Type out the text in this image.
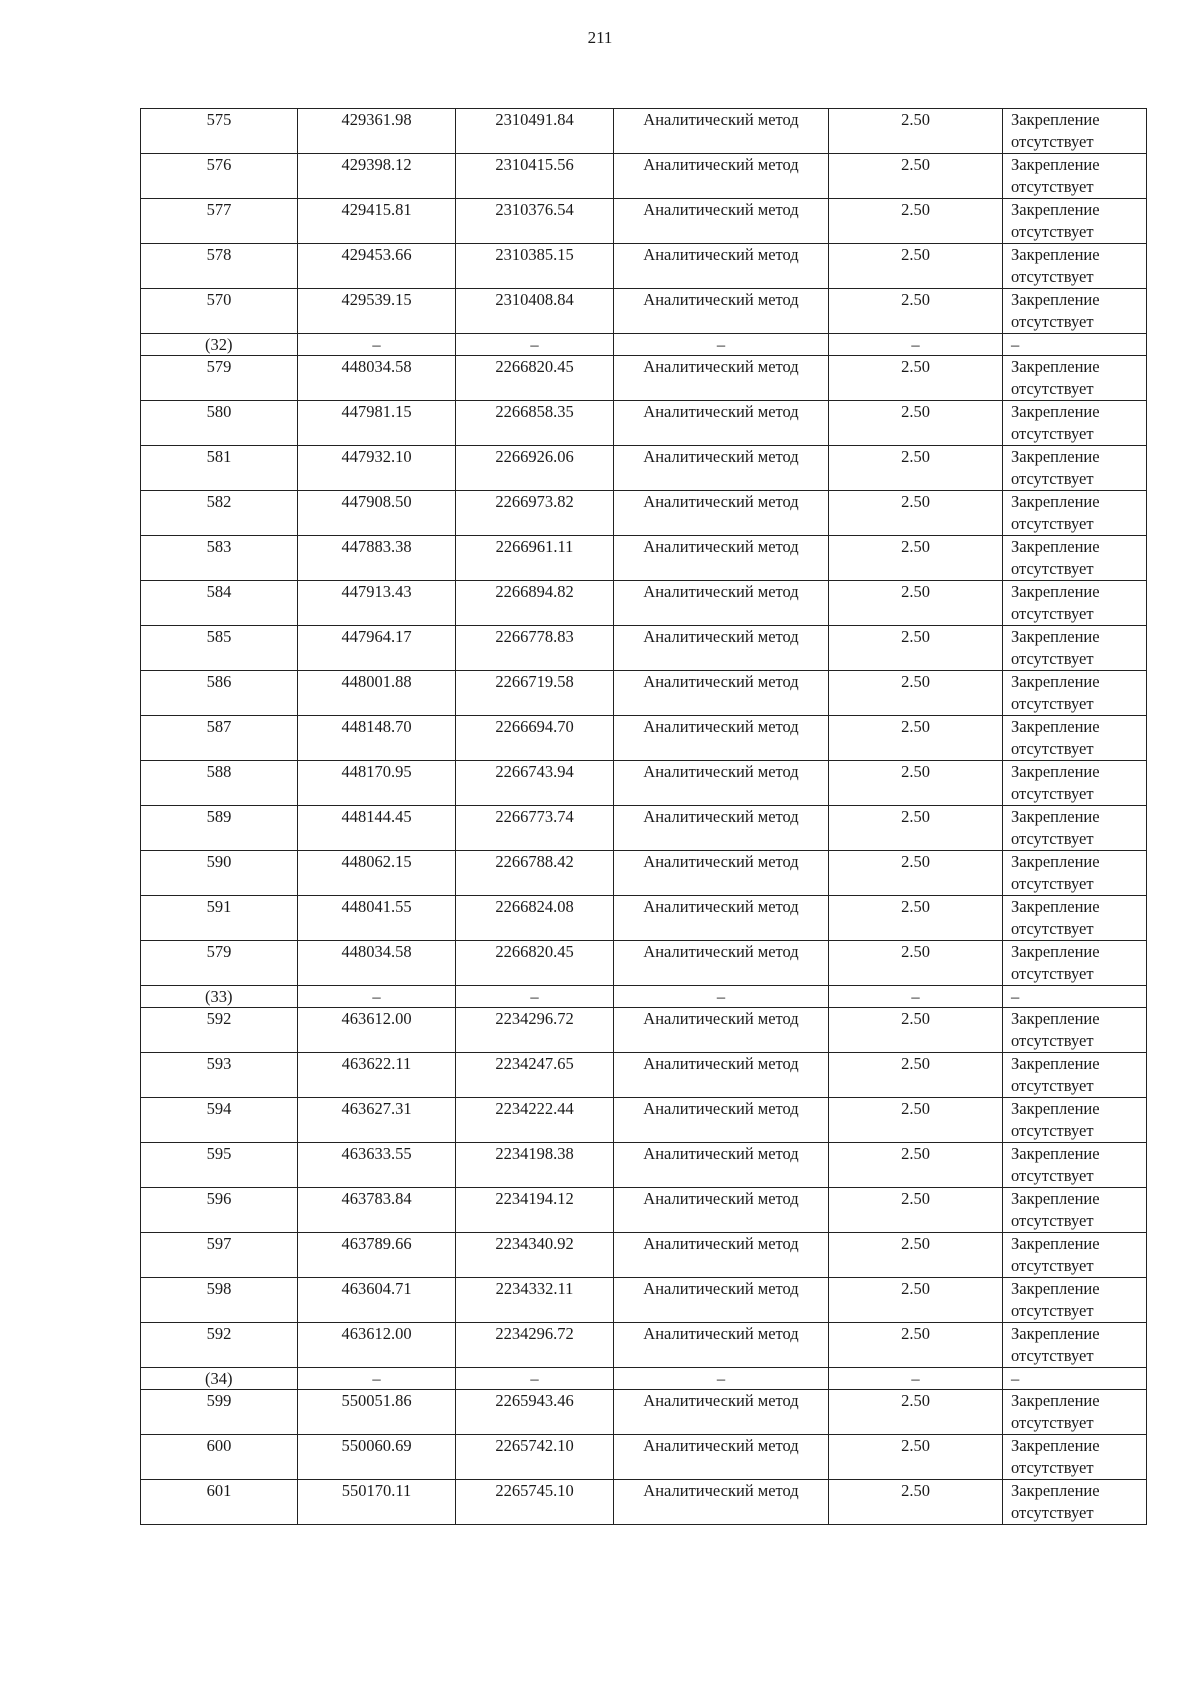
211
575	429361.98	2310491.84	Аналитический метод	2.50	Закрепление отсутствует
576	429398.12	2310415.56	Аналитический метод	2.50	Закрепление отсутствует
577	429415.81	2310376.54	Аналитический метод	2.50	Закрепление отсутствует
578	429453.66	2310385.15	Аналитический метод	2.50	Закрепление отсутствует
570	429539.15	2310408.84	Аналитический метод	2.50	Закрепление отсутствует
(32)	–	–	–	–	–
579	448034.58	2266820.45	Аналитический метод	2.50	Закрепление отсутствует
580	447981.15	2266858.35	Аналитический метод	2.50	Закрепление отсутствует
581	447932.10	2266926.06	Аналитический метод	2.50	Закрепление отсутствует
582	447908.50	2266973.82	Аналитический метод	2.50	Закрепление отсутствует
583	447883.38	2266961.11	Аналитический метод	2.50	Закрепление отсутствует
584	447913.43	2266894.82	Аналитический метод	2.50	Закрепление отсутствует
585	447964.17	2266778.83	Аналитический метод	2.50	Закрепление отсутствует
586	448001.88	2266719.58	Аналитический метод	2.50	Закрепление отсутствует
587	448148.70	2266694.70	Аналитический метод	2.50	Закрепление отсутствует
588	448170.95	2266743.94	Аналитический метод	2.50	Закрепление отсутствует
589	448144.45	2266773.74	Аналитический метод	2.50	Закрепление отсутствует
590	448062.15	2266788.42	Аналитический метод	2.50	Закрепление отсутствует
591	448041.55	2266824.08	Аналитический метод	2.50	Закрепление отсутствует
579	448034.58	2266820.45	Аналитический метод	2.50	Закрепление отсутствует
(33)	–	–	–	–	–
592	463612.00	2234296.72	Аналитический метод	2.50	Закрепление отсутствует
593	463622.11	2234247.65	Аналитический метод	2.50	Закрепление отсутствует
594	463627.31	2234222.44	Аналитический метод	2.50	Закрепление отсутствует
595	463633.55	2234198.38	Аналитический метод	2.50	Закрепление отсутствует
596	463783.84	2234194.12	Аналитический метод	2.50	Закрепление отсутствует
597	463789.66	2234340.92	Аналитический метод	2.50	Закрепление отсутствует
598	463604.71	2234332.11	Аналитический метод	2.50	Закрепление отсутствует
592	463612.00	2234296.72	Аналитический метод	2.50	Закрепление отсутствует
(34)	–	–	–	–	–
599	550051.86	2265943.46	Аналитический метод	2.50	Закрепление отсутствует
600	550060.69	2265742.10	Аналитический метод	2.50	Закрепление отсутствует
601	550170.11	2265745.10	Аналитический метод	2.50	Закрепление отсутствует
